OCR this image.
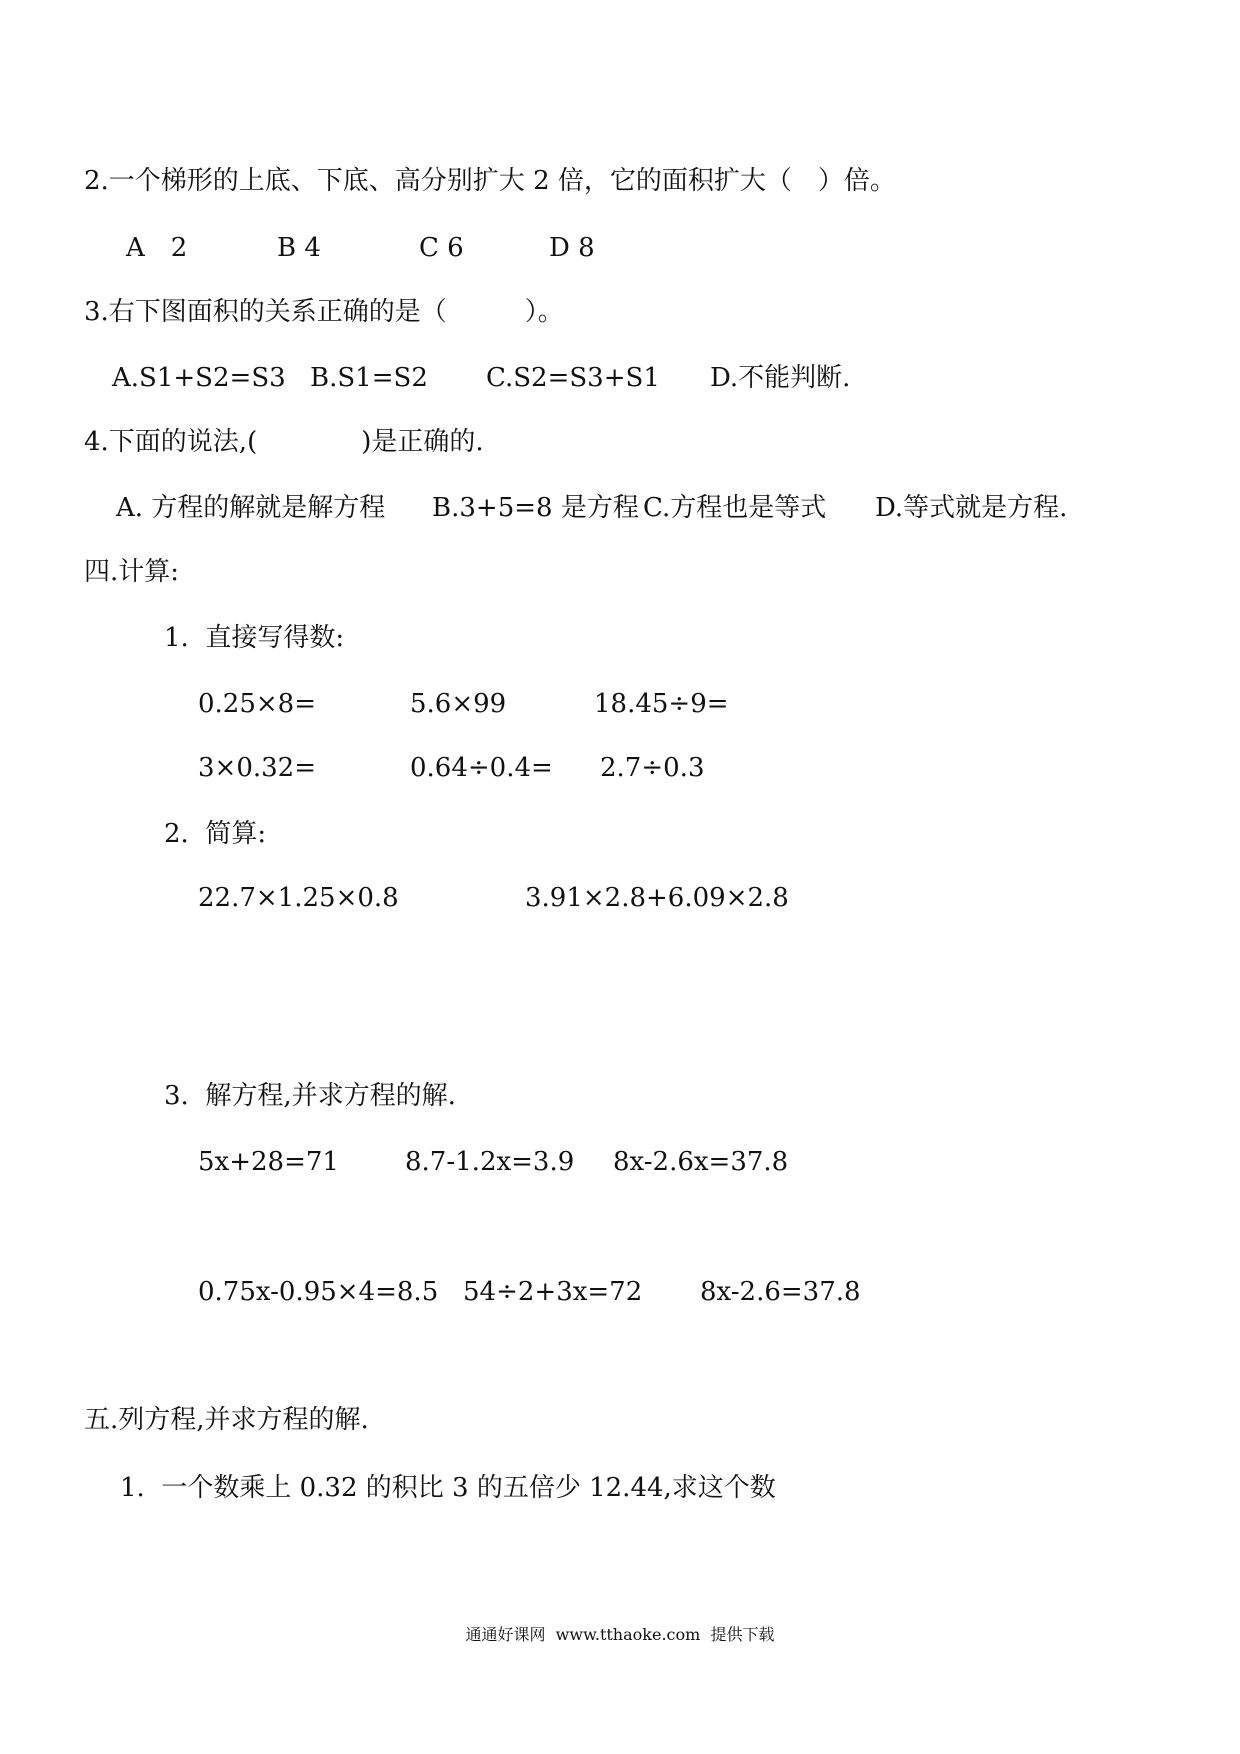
2.一个梯形的上底、下底、高分别扩大 2 倍，它的面积扩大（　）倍。
A　2	B 4	C 6	D 8
3.右下图面积的关系正确的是（　　　）。
A.S1+S2=S3 B.S1=S2 C.S2=S3+S1 D.不能判断.
4.下面的说法,(　　　　)是正确的.
A. 方程的解就是解方程 B.3+5=8 是方程 C.方程也是等式 D.等式就是方程.
四.计算:
1.  直接写得数:
0.25×8=	5.6×99	18.45÷9=
3×0.32=	0.64÷0.4= 2.7÷0.3
2.  简算:
22.7×1.25×0.8	3.91×2.8+6.09×2.8
3.  解方程,并求方程的解.
5x+28=71	8.7-1.2x=3.9 8x-2.6x=37.8
0.75x-0.95×4=8.5 54÷2+3x=72 8x-2.6=37.8
五.列方程,并求方程的解.
1.  一个数乘上 0.32 的积比 3 的五倍少 12.44,求这个数
通通好课网  www.tthaoke.com  提供下载
